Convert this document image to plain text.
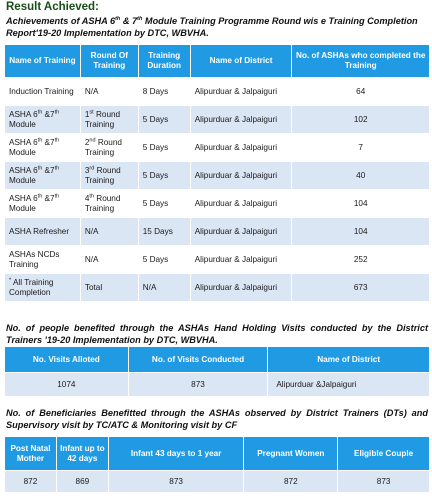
Result Achieved:
Achievements of ASHA 6th & 7th Module Training Programme Round wis e Training Completion Report'19-20 Implementation by DTC, WBVHA.
Name of Training	Round Of Training	Training Duration	Name of District	No. of ASHAs who completed the Training
Induction Training	N/A	8 Days	Alipurduar & Jalpaiguri	64
ASHA 6th &7th Module	1st Round Training	5 Days	Alipurduar & Jalpaiguri	102
ASHA 6th &7th Module	2nd Round Training	5 Days	Alipurduar & Jalpaiguri	7
ASHA 6th &7th Module	3rd Round Training	5 Days	Alipurduar & Jalpaiguri	40
ASHA 6th &7th Module	4th Round Training	5 Days	Alipurduar & Jalpaiguri	104
ASHA Refresher	N/A	15 Days	Alipurduar & Jalpaiguri	104
ASHAs NCDs Training	N/A	5 Days	Alipurduar & Jalpaiguri	252
* All Training Completion	Total	N/A	Alipurduar & Jalpaiguri	673
No. of people benefited through the ASHAs Hand Holding Visits conducted by the District Trainers '19-20 Implementation by DTC, WBVHA.
No. Visits Alloted	No. of Visits Conducted	Name of District
1074	873	Alipurduar &Jalpaiguri
No. of Beneficiaries Benefitted through the ASHAs observed by District Trainers (DTs) and Supervisory visit by TC/ATC & Monitoring visit by CF
Post Natal Mother	Infant up to 42 days	Infant 43 days to 1 year	Pregnant Women	Eligible Couple
872	869	873	872	873
